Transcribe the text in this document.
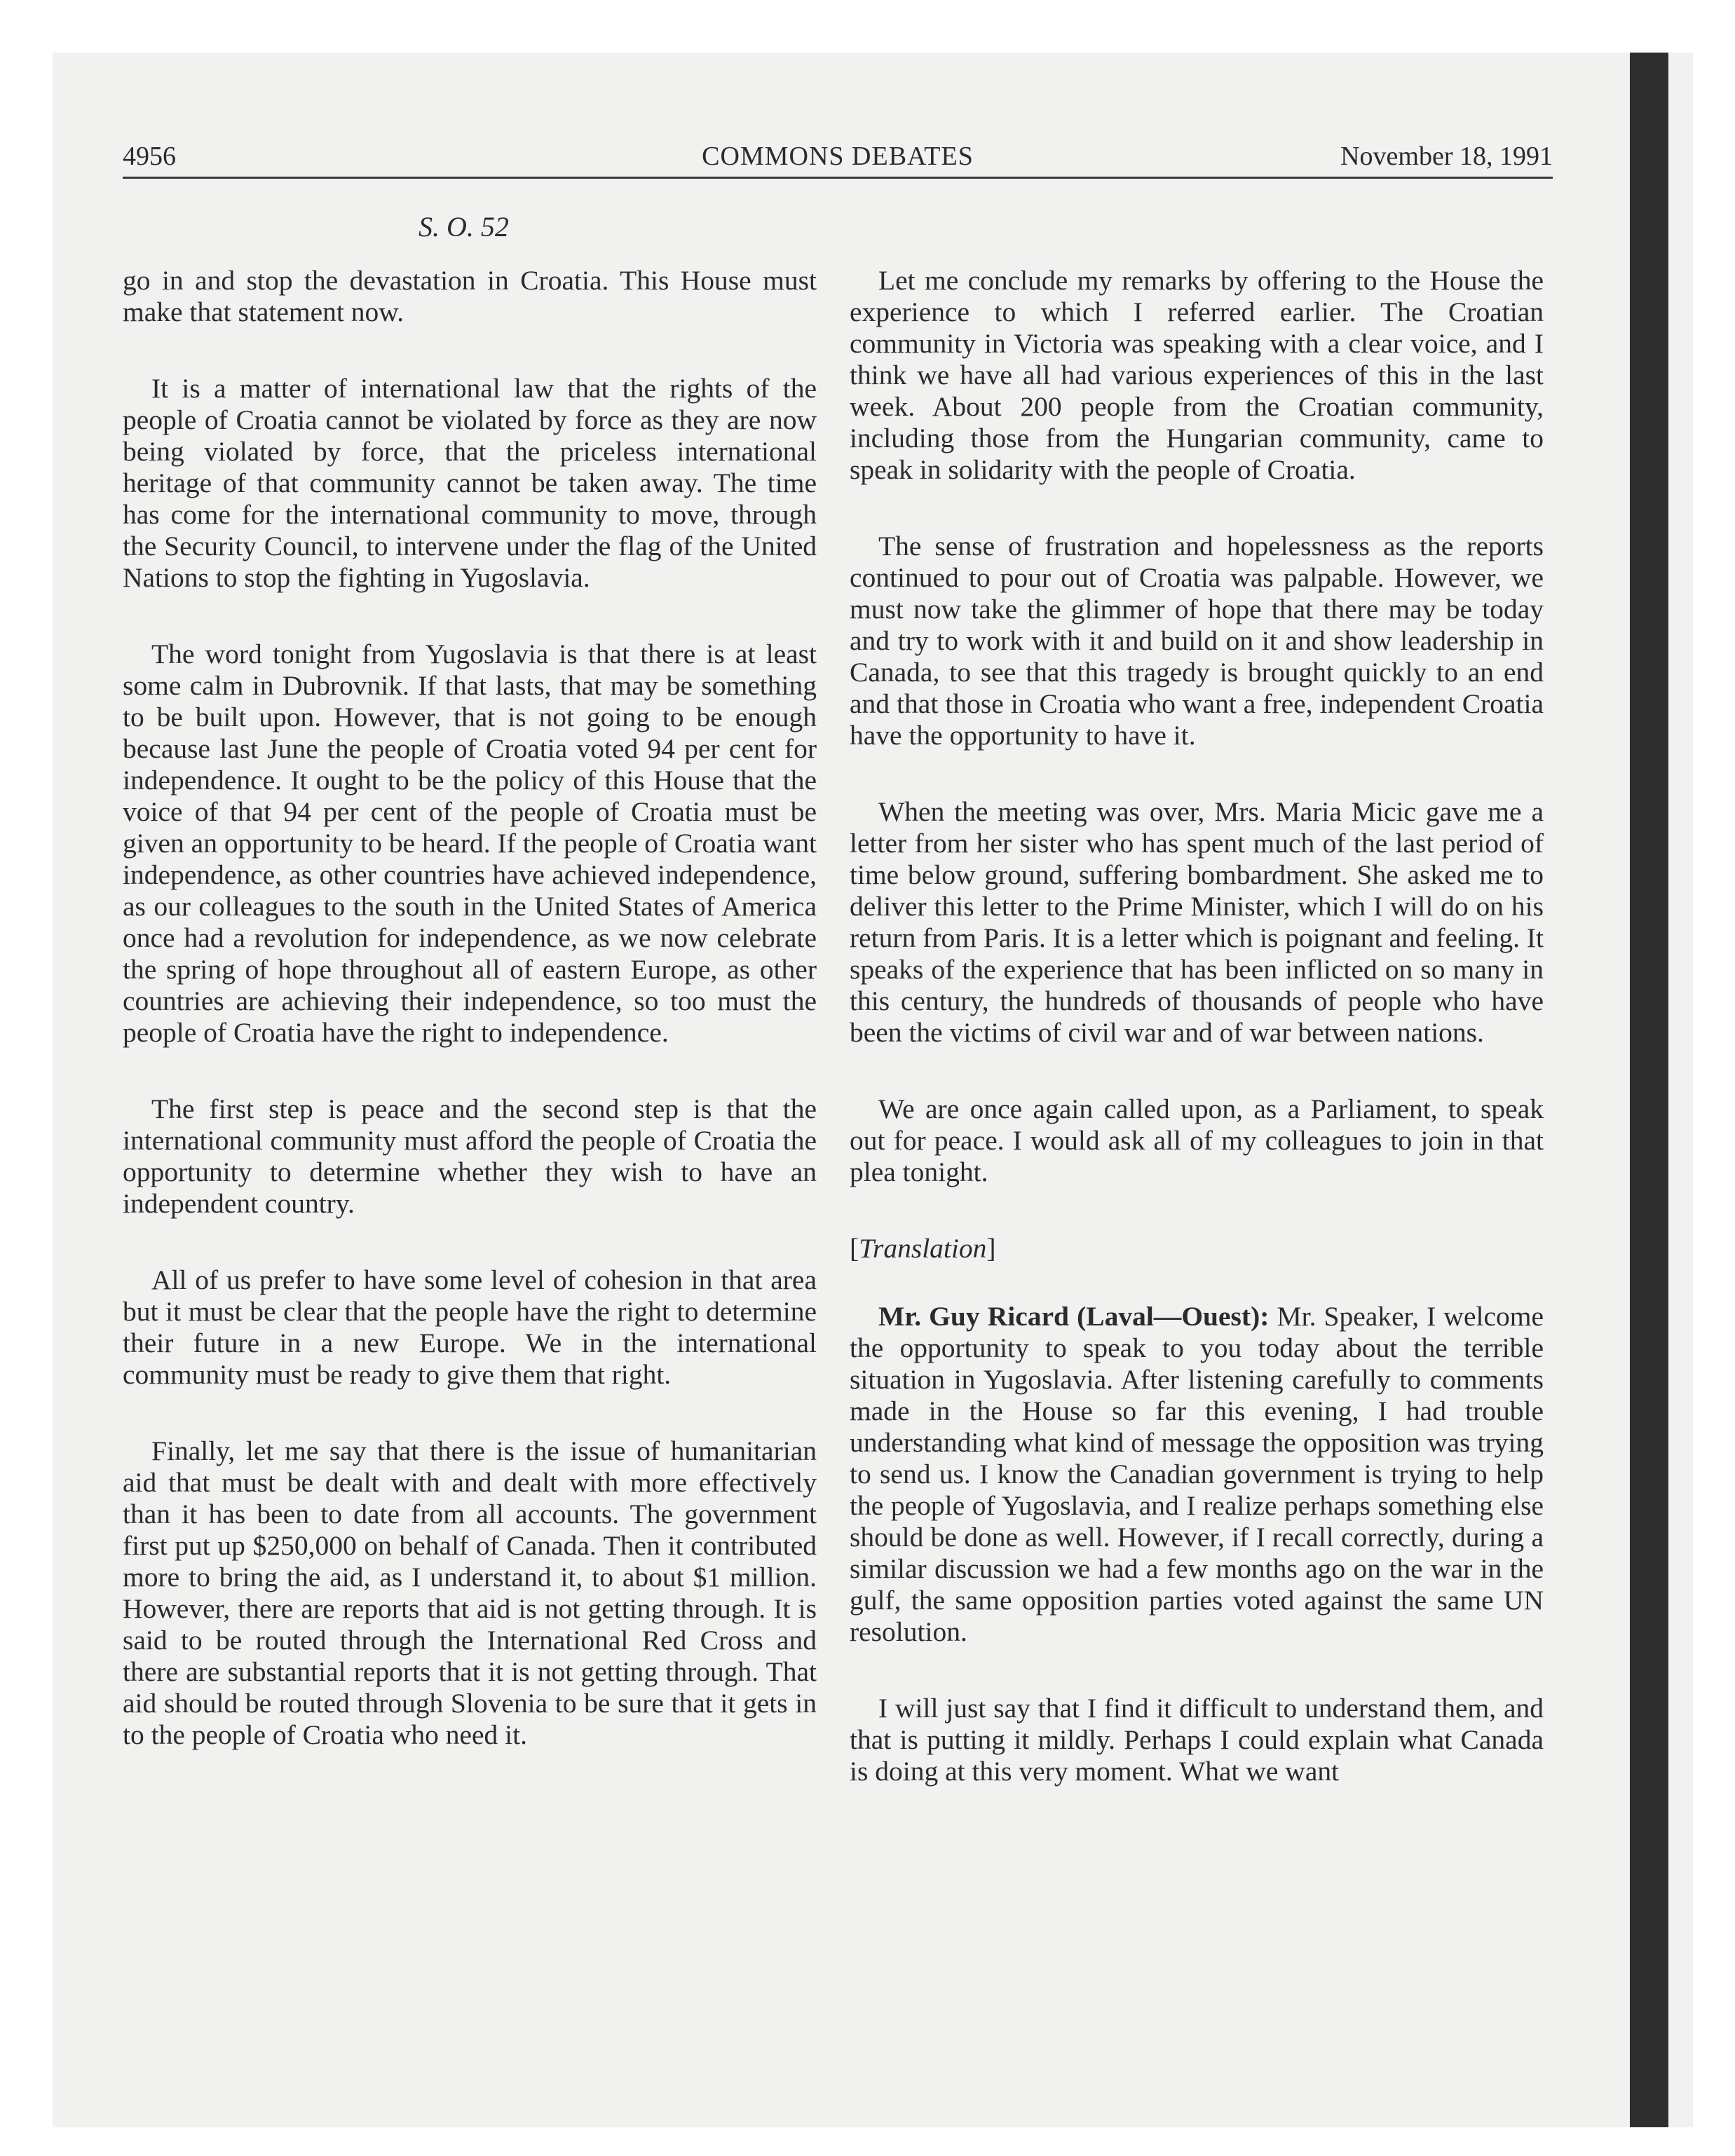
4956	COMMONS DEBATES	November 18, 1991
S. O. 52

go in and stop the devastation in Croatia. This House must make that statement now.

It is a matter of international law that the rights of the people of Croatia cannot be violated by force as they are now being violated by force, that the priceless international heritage of that community cannot be taken away. The time has come for the international community to move, through the Security Council, to intervene under the flag of the United Nations to stop the fighting in Yugoslavia.

The word tonight from Yugoslavia is that there is at least some calm in Dubrovnik. If that lasts, that may be something to be built upon. However, that is not going to be enough because last June the people of Croatia voted 94 per cent for independence. It ought to be the policy of this House that the voice of that 94 per cent of the people of Croatia must be given an opportunity to be heard. If the people of Croatia want independence, as other countries have achieved independence, as our colleagues to the south in the United States of America once had a revolution for independence, as we now celebrate the spring of hope throughout all of eastern Europe, as other countries are achieving their independence, so too must the people of Croatia have the right to independence.

The first step is peace and the second step is that the international community must afford the people of Croatia the opportunity to determine whether they wish to have an independent country.

All of us prefer to have some level of cohesion in that area but it must be clear that the people have the right to determine their future in a new Europe. We in the international community must be ready to give them that right.

Finally, let me say that there is the issue of humanitarian aid that must be dealt with and dealt with more effectively than it has been to date from all accounts. The government first put up $250,000 on behalf of Canada. Then it contributed more to bring the aid, as I understand it, to about $1 million. However, there are reports that aid is not getting through. It is said to be routed through the International Red Cross and there are substantial reports that it is not getting through. That aid should be routed through Slovenia to be sure that it gets in to the people of Croatia who need it.

Let me conclude my remarks by offering to the House the experience to which I referred earlier. The Croatian community in Victoria was speaking with a clear voice, and I think we have all had various experiences of this in the last week. About 200 people from the Croatian community, including those from the Hungarian community, came to speak in solidarity with the people of Croatia.

The sense of frustration and hopelessness as the reports continued to pour out of Croatia was palpable. However, we must now take the glimmer of hope that there may be today and try to work with it and build on it and show leadership in Canada, to see that this tragedy is brought quickly to an end and that those in Croatia who want a free, independent Croatia have the opportunity to have it.

When the meeting was over, Mrs. Maria Micic gave me a letter from her sister who has spent much of the last period of time below ground, suffering bombardment. She asked me to deliver this letter to the Prime Minister, which I will do on his return from Paris. It is a letter which is poignant and feeling. It speaks of the experience that has been inflicted on so many in this century, the hundreds of thousands of people who have been the victims of civil war and of war between nations.

We are once again called upon, as a Parliament, to speak out for peace. I would ask all of my colleagues to join in that plea tonight.

[Translation]

Mr. Guy Ricard (Laval—Ouest): Mr. Speaker, I welcome the opportunity to speak to you today about the terrible situation in Yugoslavia. After listening carefully to comments made in the House so far this evening, I had trouble understanding what kind of message the opposition was trying to send us. I know the Canadian government is trying to help the people of Yugoslavia, and I realize perhaps something else should be done as well. However, if I recall correctly, during a similar discussion we had a few months ago on the war in the gulf, the same opposition parties voted against the same UN resolution.

I will just say that I find it difficult to understand them, and that is putting it mildly. Perhaps I could explain what Canada is doing at this very moment. What we want
